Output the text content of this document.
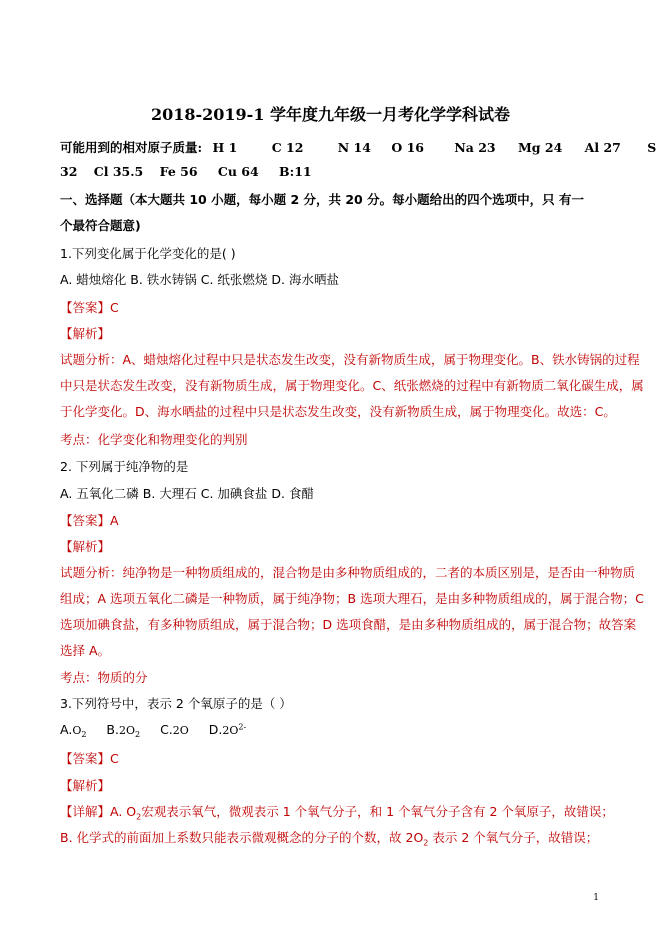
2018-2019-1 学年度九年级一月考化学学科试卷
可能用到的相对原子质量: H 1	C 12	N 14 O 16 Na 23 Mg 24 Al 27 S
32 Cl 35.5 Fe 56 Cu 64 B:11
一、选择题（本大题共 10 小题，每小题 2 分，共 20 分。每小题给出的四个选项中，只 有一
个最符合题意)
1.下列变化属于化学变化的是( )
A. 蜡烛熔化 B. 铁水铸锅 C. 纸张燃烧 D. 海水晒盐
【答案】C
【解析】
试题分析：A、蜡烛熔化过程中只是状态发生改变，没有新物质生成，属于物理变化。B、铁水铸锅的过程
中只是状态发生改变，没有新物质生成，属于物理变化。C、纸张燃烧的过程中有新物质二氧化碳生成，属
于化学变化。D、海水晒盐的过程中只是状态发生改变，没有新物质生成，属于物理变化。故选：C。
考点：化学变化和物理变化的判别
2. 下列属于纯净物的是
A. 五氧化二磷 B. 大理石 C. 加碘食盐 D. 食醋
【答案】A
【解析】
试题分析：纯净物是一种物质组成的，混合物是由多种物质组成的，二者的本质区别是，是否由一种物质
组成；A 选项五氧化二磷是一种物质，属于纯净物；B 选项大理石，是由多种物质组成的，属于混合物；C
选项加碘食盐，有多种物质组成，属于混合物；D 选项食醋，是由多种物质组成的，属于混合物；故答案
选择 A。
考点：物质的分
3.下列符号中，表示 2 个氧原子的是（ ）
$A.O_2$ $B.2O_2$ C.2O $D.2O^{2-}$
【答案】C
【解析】
【详解】A. $O_2$宏观表示氧气，微观表示 1 个氧气分子，和 1 个氧气分子含有 2 个氧原子，故错误；
B. 化学式的前面加上系数只能表示微观概念的分子的个数，故 $2O_2$ 表示 2 个氧气分子，故错误；
1
